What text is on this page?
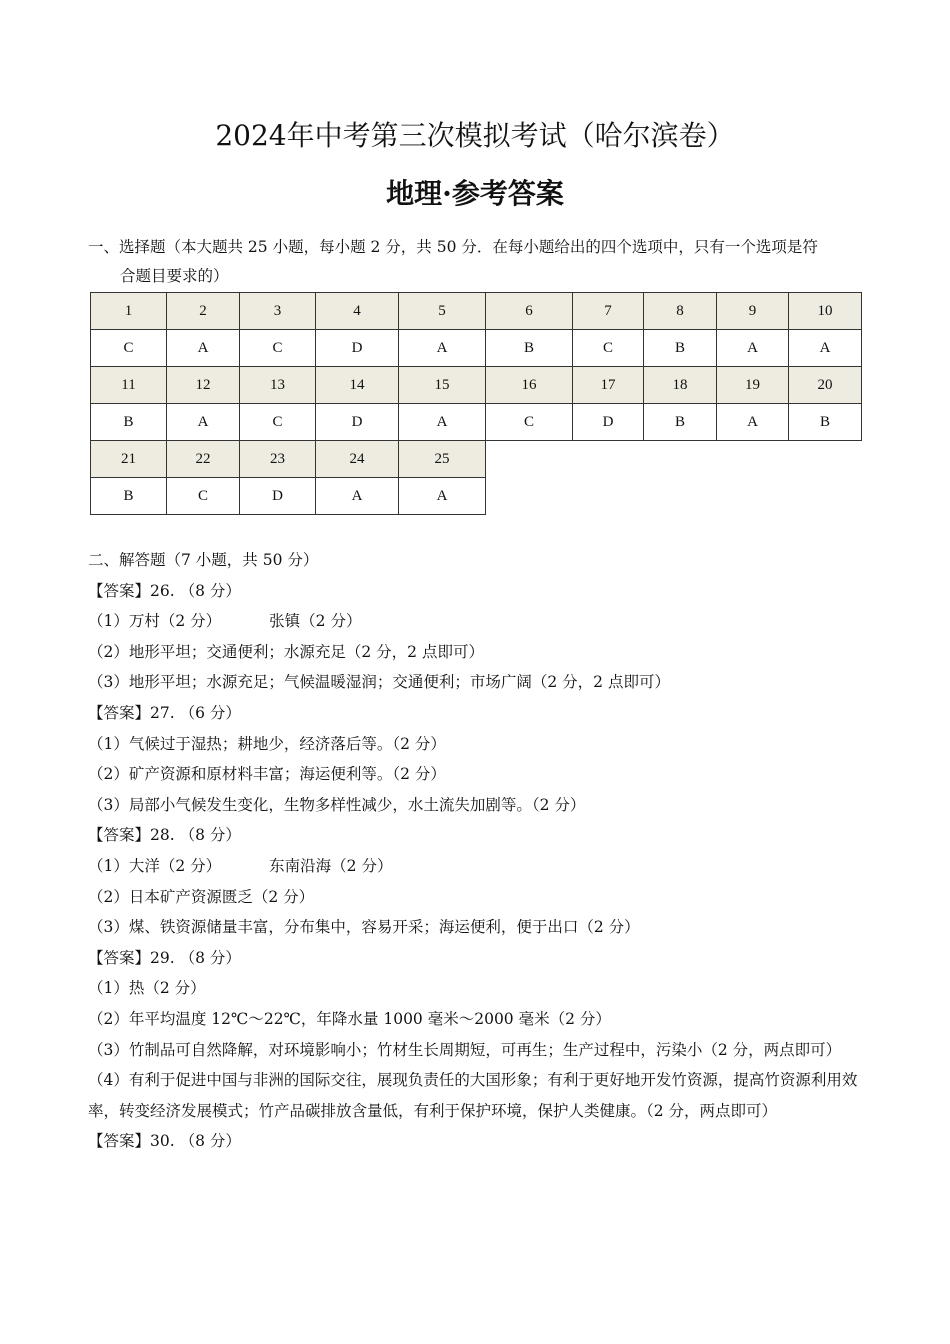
2024年中考第三次模拟考试（哈尔滨卷）
地理·参考答案
一、选择题（本大题共 25 小题，每小题 2 分，共 50 分．在每小题给出的四个选项中，只有一个选项是符
合题目要求的）
1	2	3	4	5	6	7	8	9	10
C	A	C	D	A	B	C	B	A	A
11	12	13	14	15	16	17	18	19	20
B	A	C	D	A	C	D	B	A	B
21	22	23	24	25					
B	C	D	A	A					

二、解答题（7 小题，共 50 分）

【答案】26. （8 分）

（1）万村（2 分）	张镇（2 分）

（2）地形平坦；交通便利；水源充足（2 分，2 点即可）

（3）地形平坦；水源充足；气候温暖湿润；交通便利；市场广阔（2 分，2 点即可）

【答案】27. （6 分）

（1）气候过于湿热；耕地少，经济落后等。（2 分）

（2）矿产资源和原材料丰富；海运便利等。（2 分）

（3）局部小气候发生变化，生物多样性减少，水土流失加剧等。（2 分）

【答案】28. （8 分）

（1）大洋（2 分）	东南沿海（2 分）

（2）日本矿产资源匮乏（2 分）

（3）煤、铁资源储量丰富，分布集中，容易开采；海运便利，便于出口（2 分）

【答案】29. （8 分）

（1）热（2 分）

（2）年平均温度 12℃～22℃，年降水量 1000 毫米～2000 毫米（2 分）

（3）竹制品可自然降解，对环境影响小；竹材生长周期短，可再生；生产过程中，污染小（2 分，两点即可）

（4）有利于促进中国与非洲的国际交往，展现负责任的大国形象；有利于更好地开发竹资源，提高竹资源利用效率，转变经济发展模式；竹产品碳排放含量低，有利于保护环境，保护人类健康。（2 分，两点即可）

【答案】30. （8 分）
